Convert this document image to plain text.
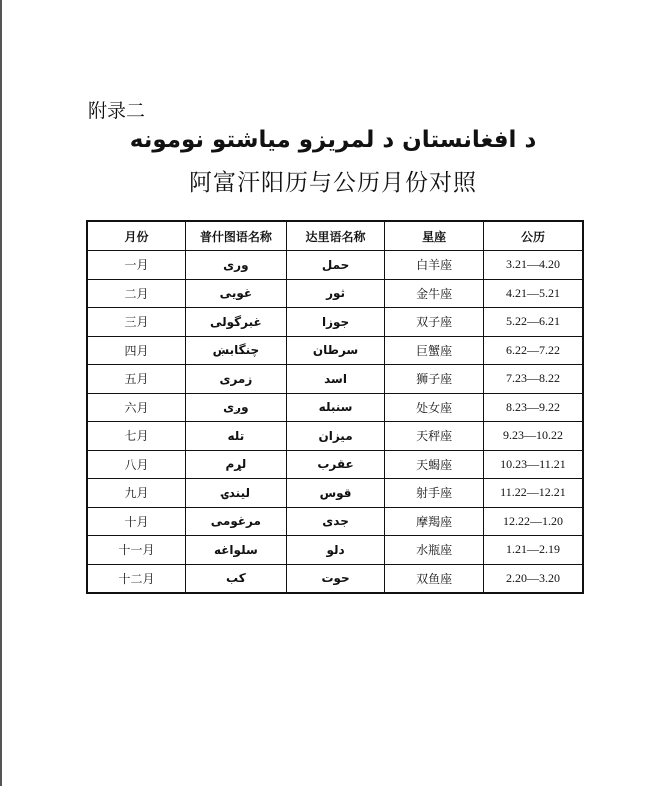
附录二
د افغانستان د لمريزو مياشتو نومونه
阿富汗阳历与公历月份对照
月份	普什图语名称	达里语名称	星座	公历
一月	وری	حمل	白羊座	3.21—4.20
二月	غويی	ثور	金牛座	4.21—5.21
三月	غبرگولی	جوزا	双子座	5.22—6.21
四月	چنگابښ	سرطان	巨蟹座	6.22—7.22
五月	زمری	اسد	狮子座	7.23—8.22
六月	وږی	سنبله	处女座	8.23—9.22
七月	تله	ميزان	天秤座	9.23—10.22
八月	لړم	عقرب	天蝎座	10.23—11.21
九月	ليندۍ	قوس	射手座	11.22—12.21
十月	مرغومی	جدی	摩羯座	12.22—1.20
十一月	سلواغه	دلو	水瓶座	1.21—2.19
十二月	کب	حوت	双鱼座	2.20—3.20
